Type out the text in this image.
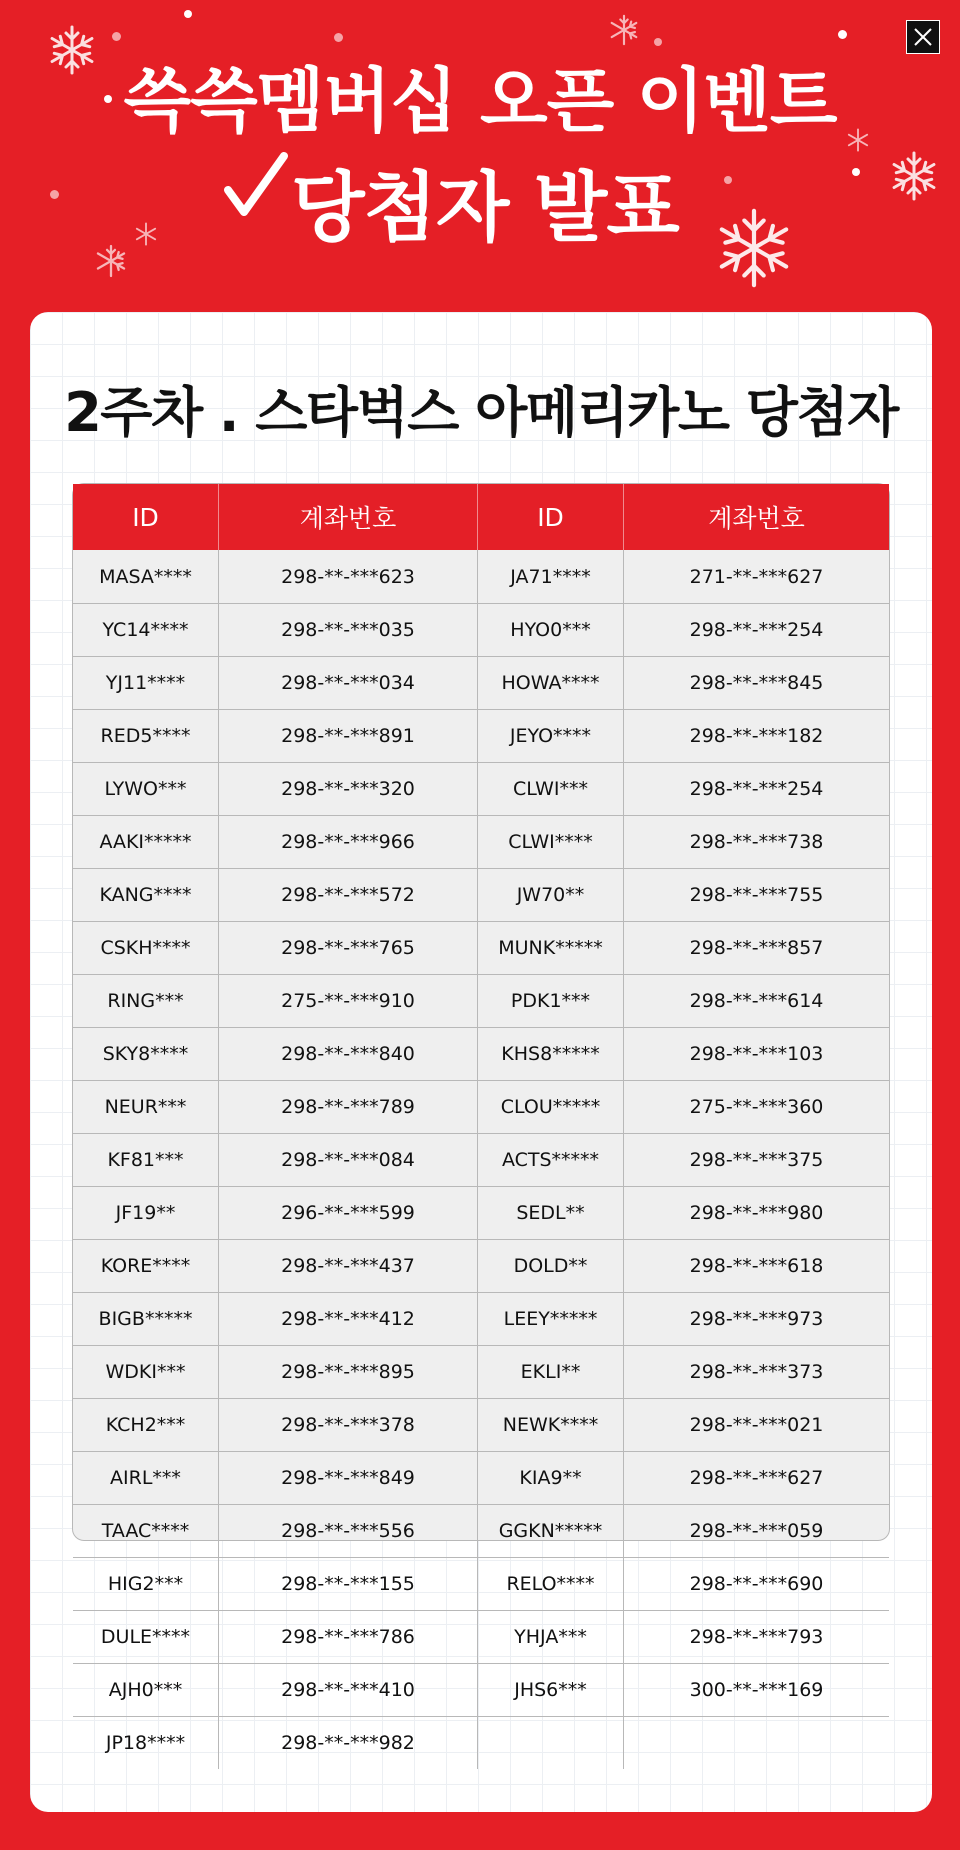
쓱쓱멤버십 오픈 이벤트
당첨자 발표
2주차 . 스타벅스 아메리카노 당첨자
ID	계좌번호	ID	계좌번호
MASA****	298-**-***623	JA71****	271-**-***627
YC14****	298-**-***035	HYO0***	298-**-***254
YJ11****	298-**-***034	HOWA****	298-**-***845
RED5****	298-**-***891	JEYO****	298-**-***182
LYWO***	298-**-***320	CLWI***	298-**-***254
AAKI*****	298-**-***966	CLWI****	298-**-***738
KANG****	298-**-***572	JW70**	298-**-***755
CSKH****	298-**-***765	MUNK*****	298-**-***857
RING***	275-**-***910	PDK1***	298-**-***614
SKY8****	298-**-***840	KHS8*****	298-**-***103
NEUR***	298-**-***789	CLOU*****	275-**-***360
KF81***	298-**-***084	ACTS*****	298-**-***375
JF19**	296-**-***599	SEDL**	298-**-***980
KORE****	298-**-***437	DOLD**	298-**-***618
BIGB*****	298-**-***412	LEEY*****	298-**-***973
WDKI***	298-**-***895	EKLI**	298-**-***373
KCH2***	298-**-***378	NEWK****	298-**-***021
AIRL***	298-**-***849	KIA9**	298-**-***627
TAAC****	298-**-***556	GGKN*****	298-**-***059
HIG2***	298-**-***155	RELO****	298-**-***690
DULE****	298-**-***786	YHJA***	298-**-***793
AJH0***	298-**-***410	JHS6***	300-**-***169
JP18****	298-**-***982
